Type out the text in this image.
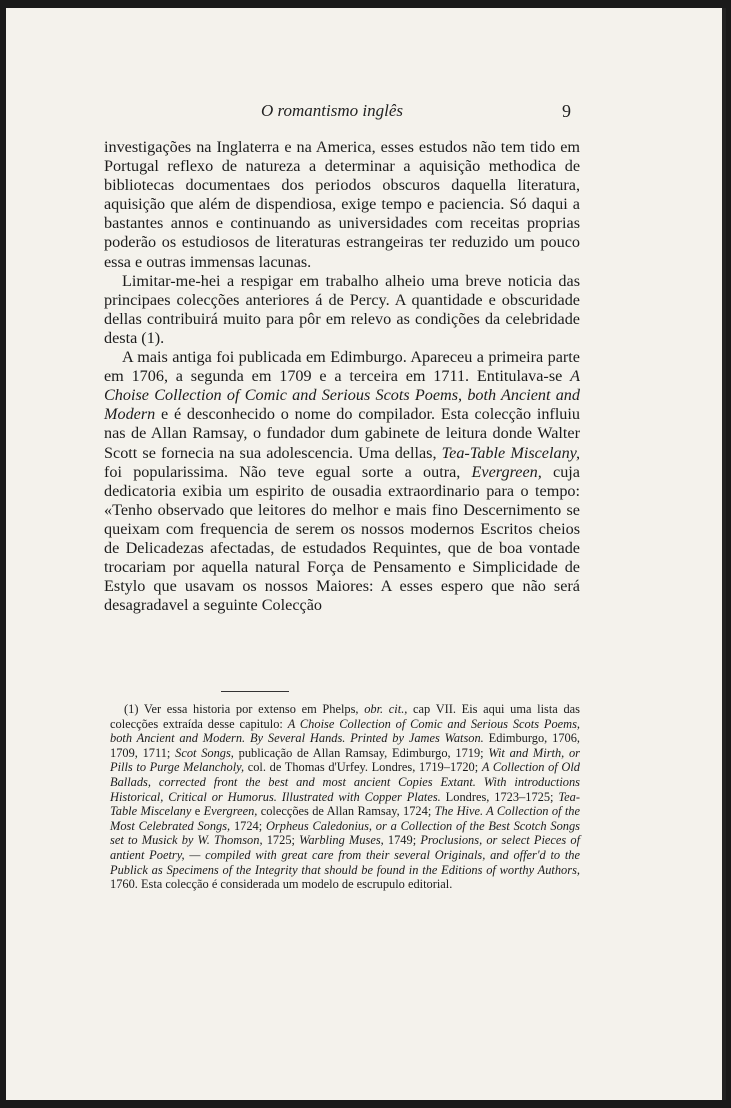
O romantismo inglês	9

investigações na Inglaterra e na America, esses estudos não tem tido em Portugal reflexo de natureza a determinar a aquisição methodica de bibliotecas documentaes dos periodos obscuros daquella literatura, aquisição que além de dispendiosa, exige tempo e paciencia. Só daqui a bastantes annos e continuando as universidades com receitas proprias poderão os estudiosos de literaturas estrangeiras ter reduzido um pouco essa e outras immensas lacunas.

Limitar-me-hei a respigar em trabalho alheio uma breve noticia das principaes colecções anteriores á de Percy. A quantidade e obscuridade dellas contribuirá muito para pôr em relevo as condições da celebridade desta (1).

A mais antiga foi publicada em Edimburgo. Apareceu a primeira parte em 1706, a segunda em 1709 e a terceira em 1711. Entitulava-se A Choise Collection of Comic and Serious Scots Poems, both Ancient and Modern e é desconhecido o nome do compilador. Esta colecção influiu nas de Allan Ramsay, o fundador dum gabinete de leitura donde Walter Scott se fornecia na sua adolescencia. Uma dellas, Tea-Table Miscelany, foi popularissima. Não teve egual sorte a outra, Evergreen, cuja dedicatoria exibia um espirito de ousadia extraordinario para o tempo: «Tenho observado que leitores do melhor e mais fino Descernimento se queixam com frequencia de serem os nossos modernos Escritos cheios de Delicadezas afectadas, de estudados Requintes, que de boa vontade trocariam por aquella natural Força de Pensamento e Simplicidade de Estylo que usavam os nossos Maiores: A esses espero que não será desagradavel a seguinte Colecção

(1) Ver essa historia por extenso em Phelps, obr. cit., cap VII. Eis aqui uma lista das colecções extraída desse capitulo: A Choise Collection of Comic and Serious Scots Poems, both Ancient and Modern. By Several Hands. Printed by James Watson. Edimburgo, 1706, 1709, 1711; Scot Songs, publicação de Allan Ramsay, Edimburgo, 1719; Wit and Mirth, or Pills to Purge Melancholy, col. de Thomas d'Urfey. Londres, 1719–1720; A Collection of Old Ballads, corrected front the best and most ancient Copies Extant. With introductions Historical, Critical or Humorus. Illustrated with Copper Plates. Londres, 1723–1725; Tea-Table Miscelany e Evergreen, colecções de Allan Ramsay, 1724; The Hive. A Collection of the Most Celebrated Songs, 1724; Orpheus Caledonius, or a Collection of the Best Scotch Songs set to Musick by W. Thomson, 1725; Warbling Muses, 1749; Proclusions, or select Pieces of antient Poetry, — compiled with great care from their several Originals, and offer'd to the Publick as Specimens of the Integrity that should be found in the Editions of worthy Authors, 1760. Esta colecção é considerada um modelo de escrupulo editorial.
